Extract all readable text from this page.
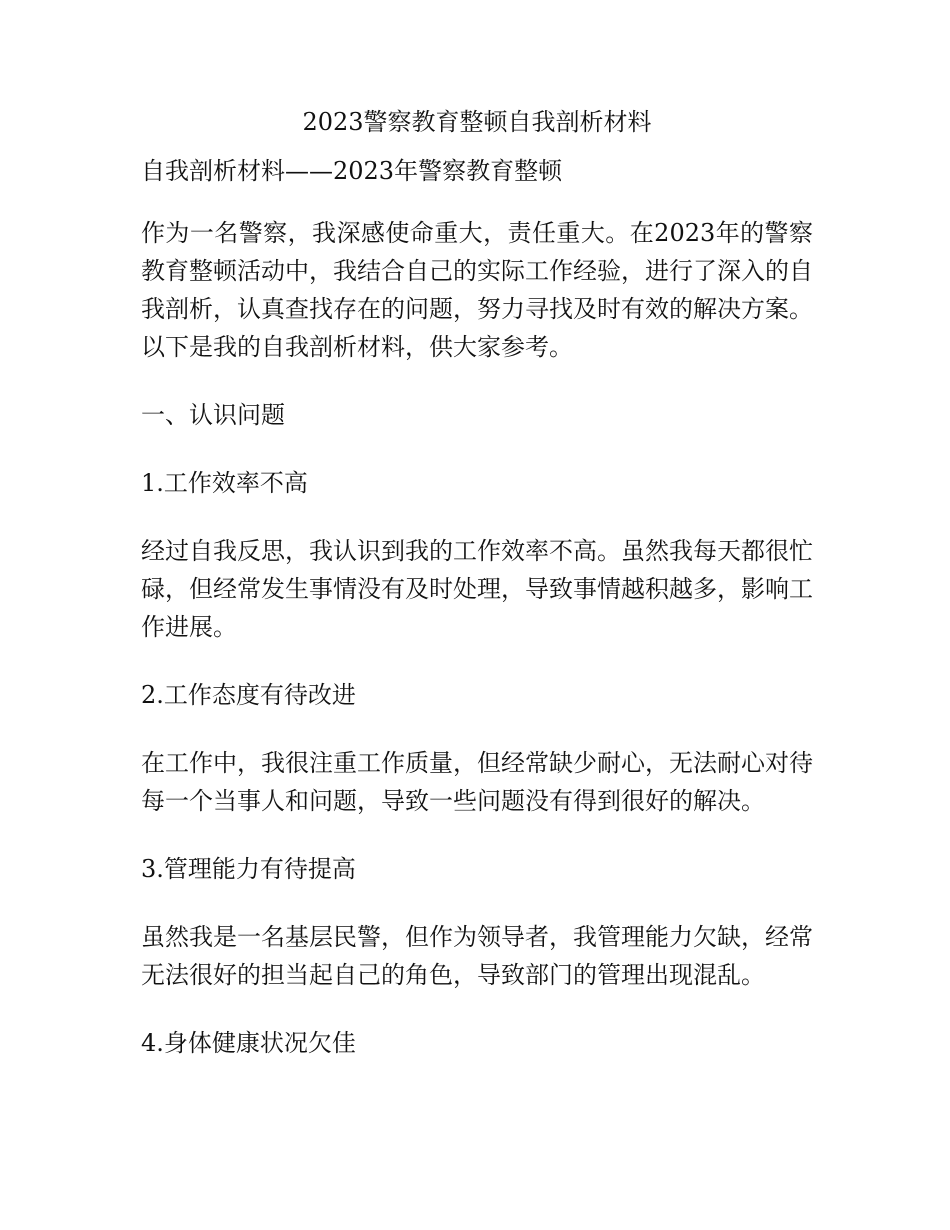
2023警察教育整顿自我剖析材料
自我剖析材料——2023年警察教育整顿
作为一名警察，我深感使命重大，责任重大。在2023年的警察教育整顿活动中，我结合自己的实际工作经验，进行了深入的自我剖析，认真查找存在的问题，努力寻找及时有效的解决方案。以下是我的自我剖析材料，供大家参考。
一、认识问题
1.工作效率不高
经过自我反思，我认识到我的工作效率不高。虽然我每天都很忙碌，但经常发生事情没有及时处理，导致事情越积越多，影响工作进展。
2.工作态度有待改进
在工作中，我很注重工作质量，但经常缺少耐心，无法耐心对待每一个当事人和问题，导致一些问题没有得到很好的解决。
3.管理能力有待提高
虽然我是一名基层民警，但作为领导者，我管理能力欠缺，经常无法很好的担当起自己的角色，导致部门的管理出现混乱。
4.身体健康状况欠佳
